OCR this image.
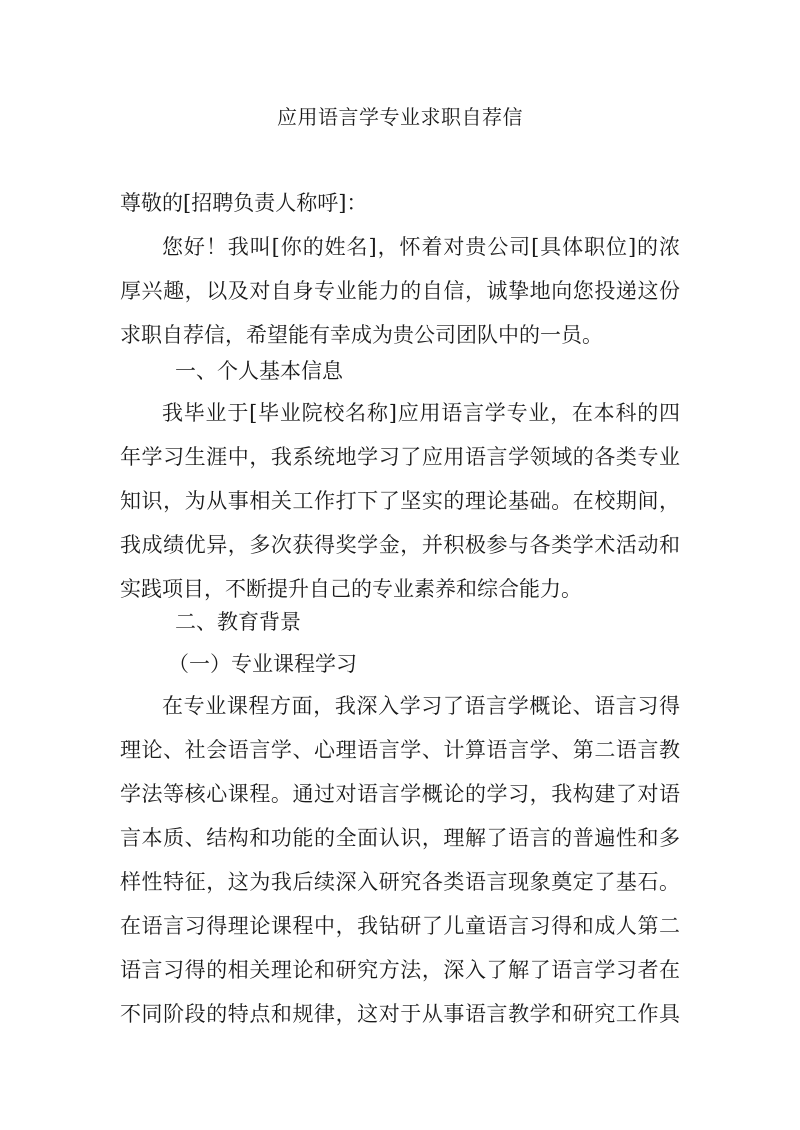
应用语言学专业求职自荐信
尊敬的[招聘负责人称呼]：
您好！我叫[你的姓名]，怀着对贵公司[具体职位]的浓
厚兴趣，以及对自身专业能力的自信，诚挚地向您投递这份
求职自荐信，希望能有幸成为贵公司团队中的一员。
一、个人基本信息
我毕业于[毕业院校名称]应用语言学专业，在本科的四
年学习生涯中，我系统地学习了应用语言学领域的各类专业
知识，为从事相关工作打下了坚实的理论基础。在校期间，
我成绩优异，多次获得奖学金，并积极参与各类学术活动和
实践项目，不断提升自己的专业素养和综合能力。
二、教育背景
（一）专业课程学习
在专业课程方面，我深入学习了语言学概论、语言习得
理论、社会语言学、心理语言学、计算语言学、第二语言教
学法等核心课程。通过对语言学概论的学习，我构建了对语
言本质、结构和功能的全面认识，理解了语言的普遍性和多
样性特征，这为我后续深入研究各类语言现象奠定了基石。
在语言习得理论课程中，我钻研了儿童语言习得和成人第二
语言习得的相关理论和研究方法，深入了解了语言学习者在
不同阶段的特点和规律，这对于从事语言教学和研究工作具
